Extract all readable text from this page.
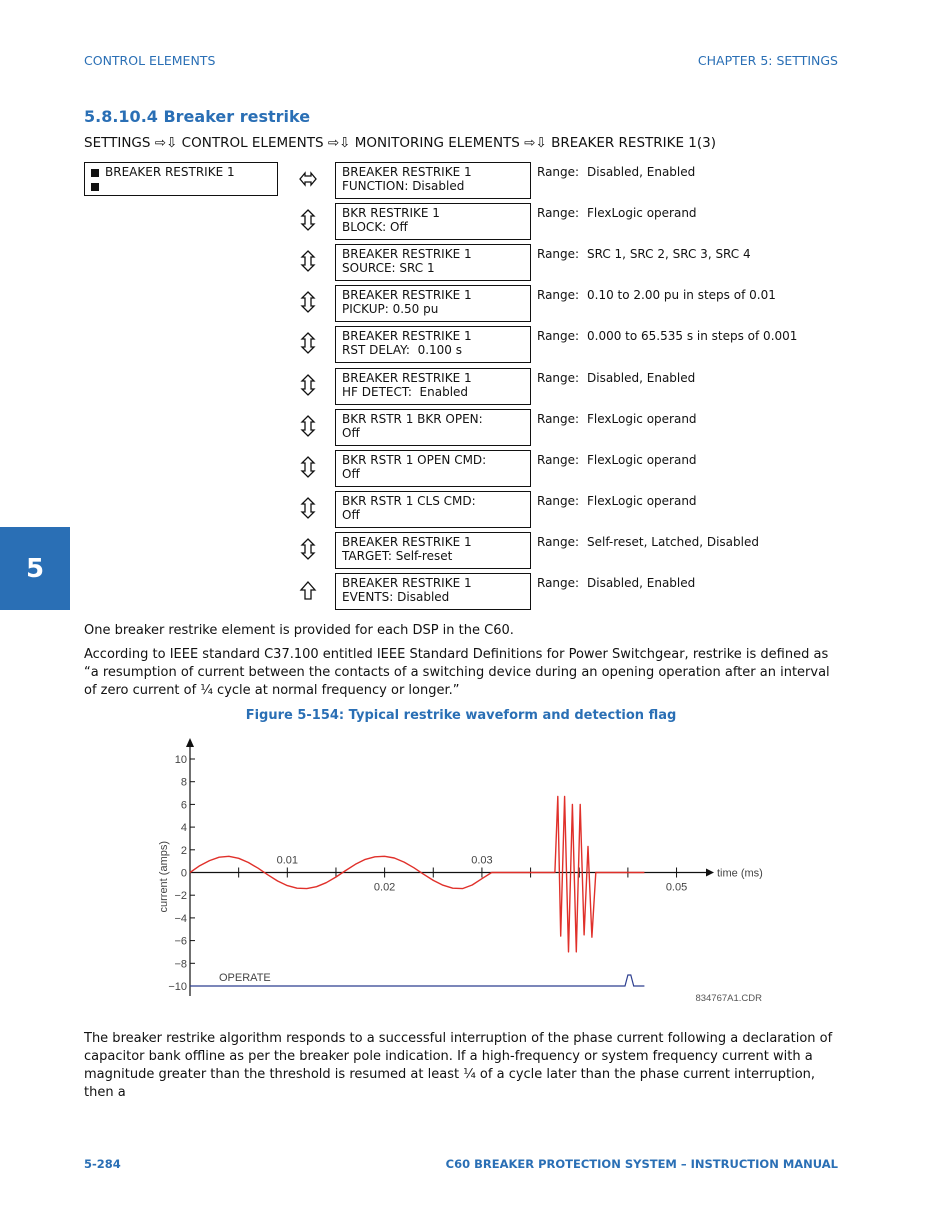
CONTROL ELEMENTS	CHAPTER 5: SETTINGS
5.8.10.4 Breaker restrike
SETTINGS ⇨⇩ CONTROL ELEMENTS ⇨⇩ MONITORING ELEMENTS ⇨⇩ BREAKER RESTRIKE 1(3)
BREAKER RESTRIKE 1	BREAKER RESTRIKE 1
FUNCTION: Disabled
Range: Disabled, Enabled
BKR RESTRIKE 1
BLOCK: Off
Range: FlexLogic operand
BREAKER RESTRIKE 1
SOURCE: SRC 1
Range: SRC 1, SRC 2, SRC 3, SRC 4
BREAKER RESTRIKE 1
PICKUP: 0.50 pu
Range: 0.10 to 2.00 pu in steps of 0.01
BREAKER RESTRIKE 1
RST DELAY:  0.100 s
Range: 0.000 to 65.535 s in steps of 0.001
BREAKER RESTRIKE 1
HF DETECT:  Enabled
Range: Disabled, Enabled
BKR RSTR 1 BKR OPEN:
Off
Range: FlexLogic operand
BKR RSTR 1 OPEN CMD:
Off
Range: FlexLogic operand
BKR RSTR 1 CLS CMD:
Off
Range: FlexLogic operand
BREAKER RESTRIKE 1
TARGET: Self-reset
Range: Self-reset, Latched, Disabled
BREAKER RESTRIKE 1
EVENTS: Disabled
Range: Disabled, Enabled
5
One breaker restrike element is provided for each DSP in the C60.
According to IEEE standard C37.100 entitled IEEE Standard Definitions for Power Switchgear, restrike is defined as “a resumption of current between the contacts of a switching device during an opening operation after an interval of zero current of ¼ cycle at normal frequency or longer.”
Figure 5-154: Typical restrike waveform and detection flag
10
8
6
4
2
0
−2
−4
−6
−8
−10
0.01	0.03
0.02	0.05
time (ms)
current (amps)
OPERATE
834767A1.CDR
The breaker restrike algorithm responds to a successful interruption of the phase current following a declaration of capacitor bank offline as per the breaker pole indication. If a high-frequency or system frequency current with a magnitude greater than the threshold is resumed at least ¼ of a cycle later than the phase current interruption, then a
5-284	C60 BREAKER PROTECTION SYSTEM – INSTRUCTION MANUAL
